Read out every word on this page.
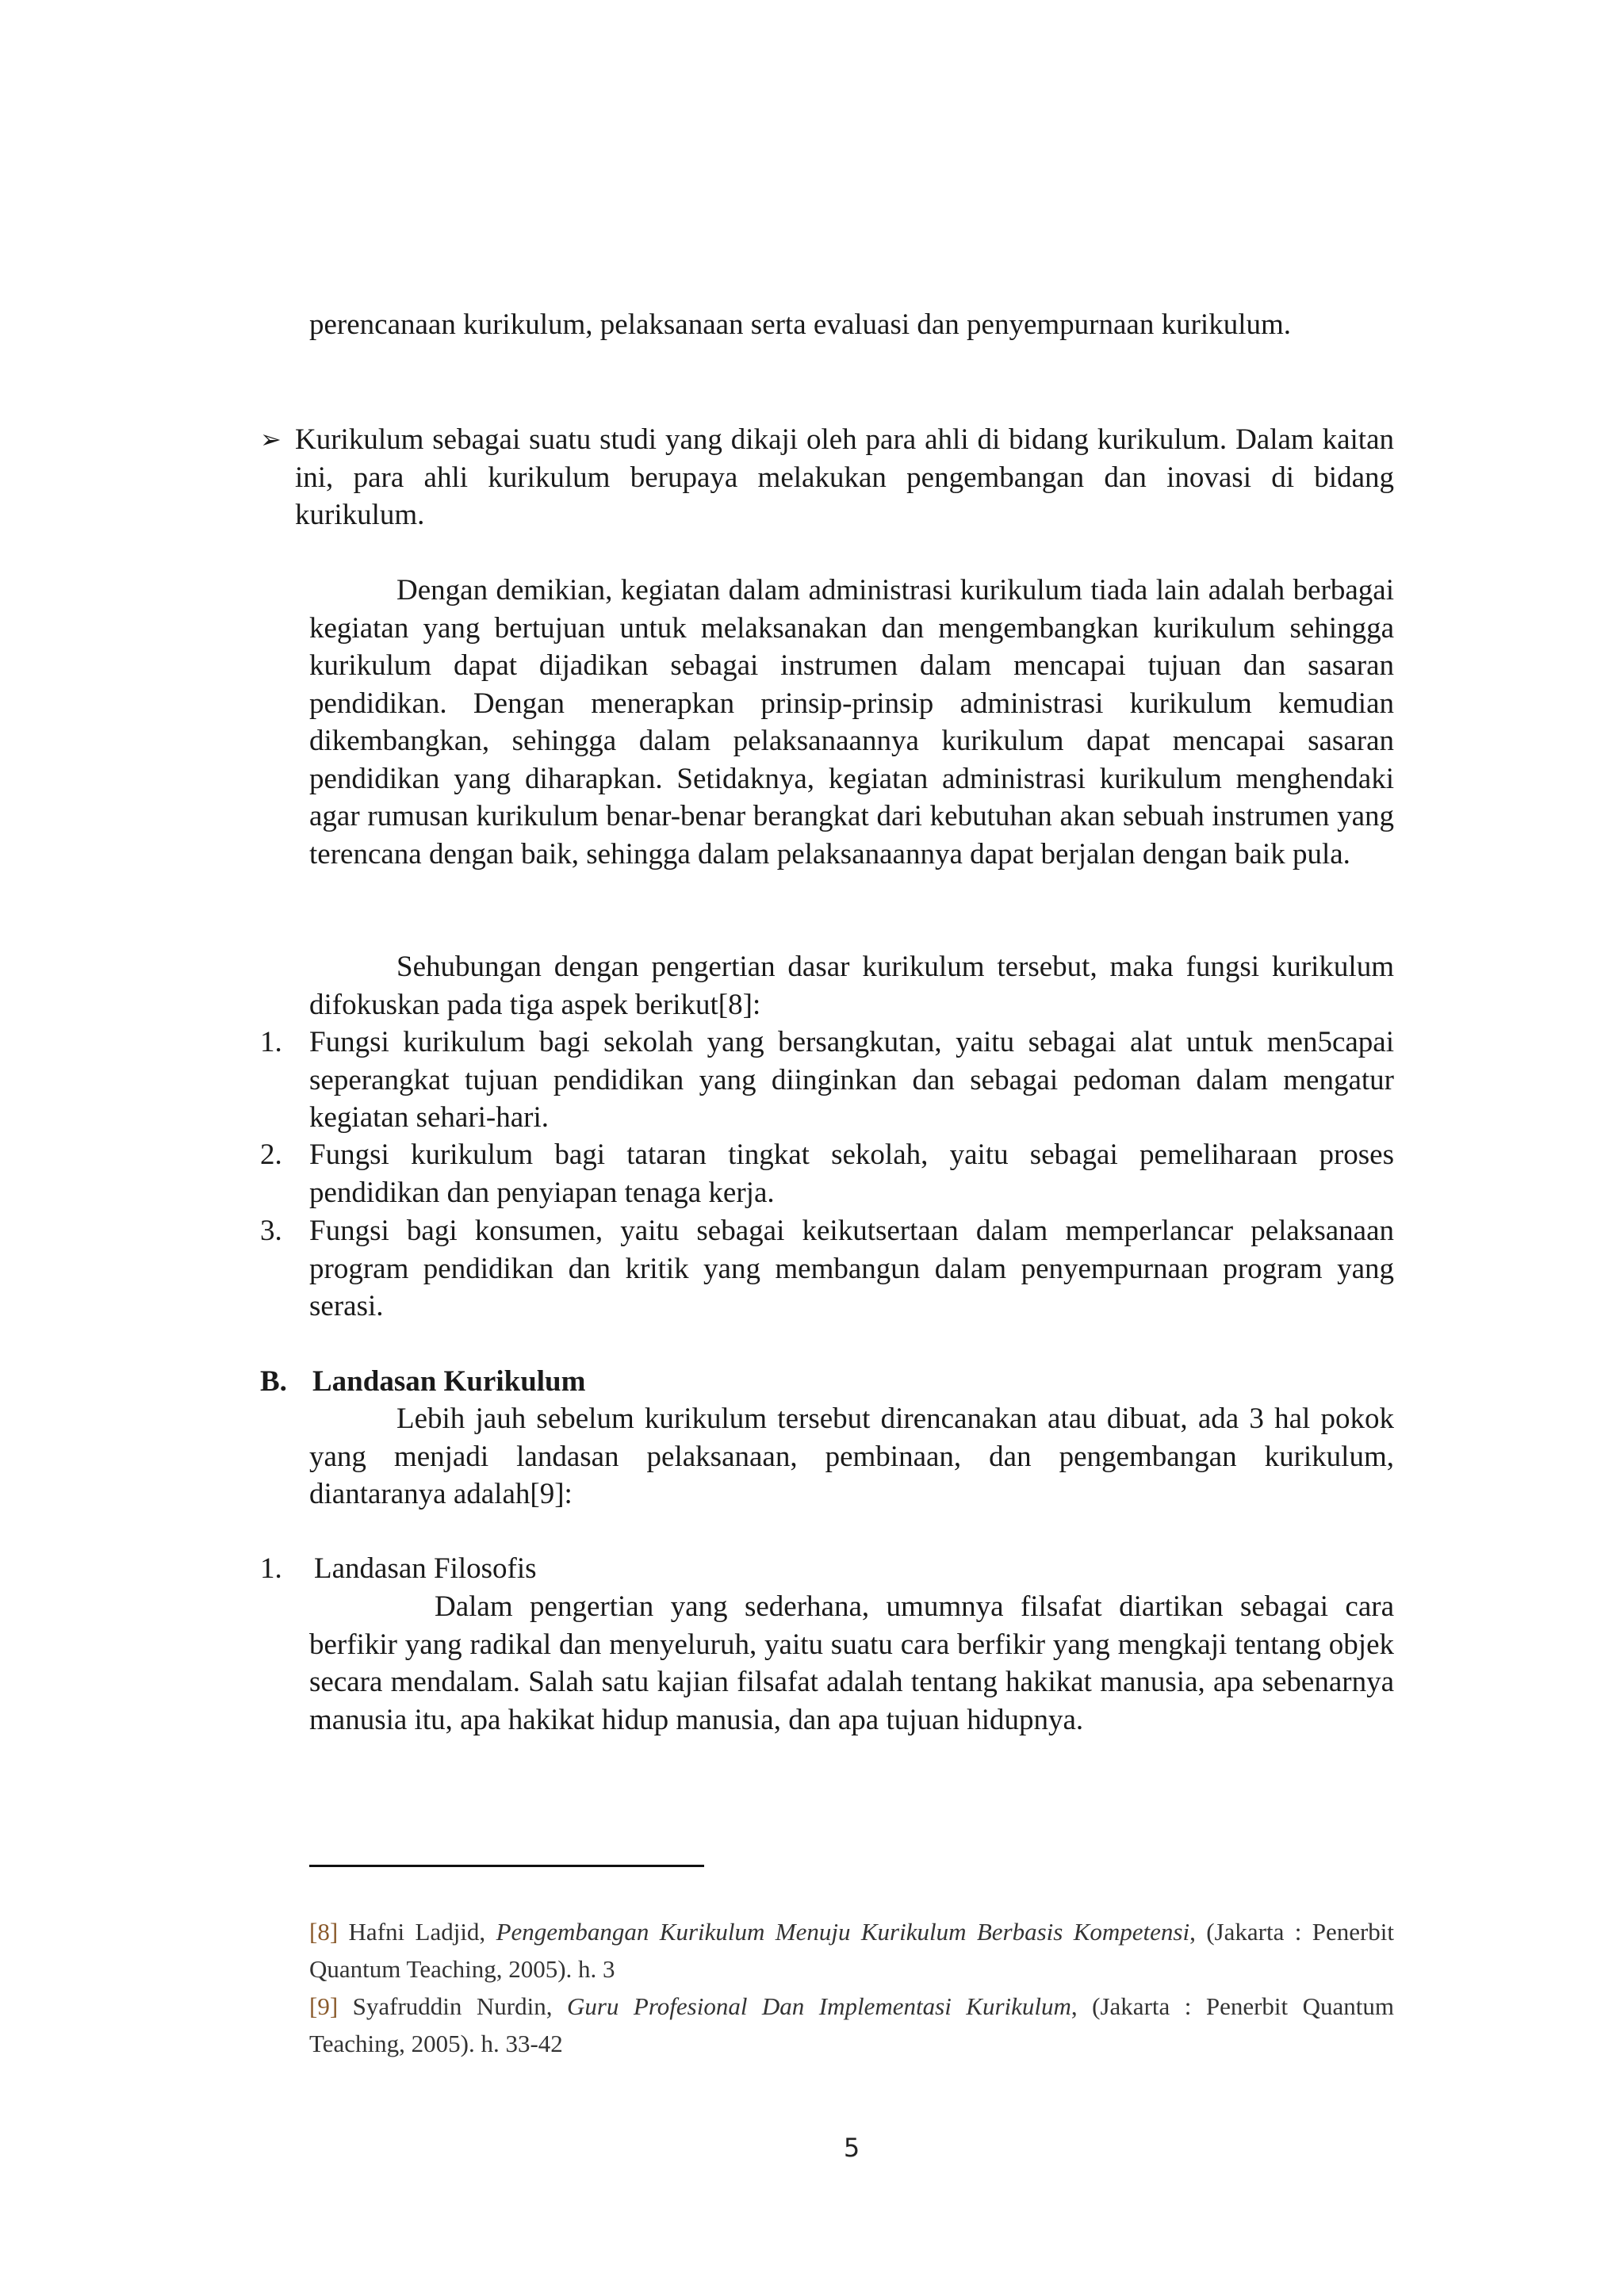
perencanaan kurikulum, pelaksanaan serta evaluasi dan penyempurnaan kurikulum.

➢ Kurikulum sebagai suatu studi yang dikaji oleh para ahli di bidang kurikulum. Dalam kaitan ini, para ahli kurikulum berupaya melakukan pengembangan dan inovasi di bidang kurikulum.

Dengan demikian, kegiatan dalam administrasi kurikulum tiada lain adalah berbagai kegiatan yang bertujuan untuk melaksanakan dan mengembangkan kurikulum sehingga kurikulum dapat dijadikan sebagai instrumen dalam mencapai tujuan dan sasaran pendidikan. Dengan menerapkan prinsip-prinsip administrasi kurikulum kemudian dikembangkan, sehingga dalam pelaksanaannya kurikulum dapat mencapai sasaran pendidikan yang diharapkan. Setidaknya, kegiatan administrasi kurikulum menghendaki agar rumusan kurikulum benar-benar berangkat dari kebutuhan akan sebuah instrumen yang terencana dengan baik, sehingga dalam pelaksanaannya dapat berjalan dengan baik pula.

Sehubungan dengan pengertian dasar kurikulum tersebut, maka fungsi kurikulum difokuskan pada tiga aspek berikut[8]:

1. Fungsi kurikulum bagi sekolah yang bersangkutan, yaitu sebagai alat untuk men5capai seperangkat tujuan pendidikan yang diinginkan dan sebagai pedoman dalam mengatur kegiatan sehari-hari.

2. Fungsi kurikulum bagi tataran tingkat sekolah, yaitu sebagai pemeliharaan proses pendidikan dan penyiapan tenaga kerja.

3. Fungsi bagi konsumen, yaitu sebagai keikutsertaan dalam memperlancar pelaksanaan program pendidikan dan kritik yang membangun dalam penyempurnaan program yang serasi.

B. Landasan Kurikulum

Lebih jauh sebelum kurikulum tersebut direncanakan atau dibuat, ada 3 hal pokok yang menjadi landasan pelaksanaan, pembinaan, dan pengembangan kurikulum, diantaranya adalah[9]:

1. Landasan Filosofis

Dalam pengertian yang sederhana, umumnya filsafat diartikan sebagai cara berfikir yang radikal dan menyeluruh, yaitu suatu cara berfikir yang mengkaji tentang objek secara mendalam. Salah satu kajian filsafat adalah tentang hakikat manusia, apa sebenarnya manusia itu, apa hakikat hidup manusia, dan apa tujuan hidupnya.

[8] Hafni Ladjid, Pengembangan Kurikulum Menuju Kurikulum Berbasis Kompetensi, (Jakarta : Penerbit Quantum Teaching, 2005). h. 3

[9] Syafruddin Nurdin, Guru Profesional Dan Implementasi Kurikulum, (Jakarta : Penerbit Quantum Teaching, 2005). h. 33-42

5
